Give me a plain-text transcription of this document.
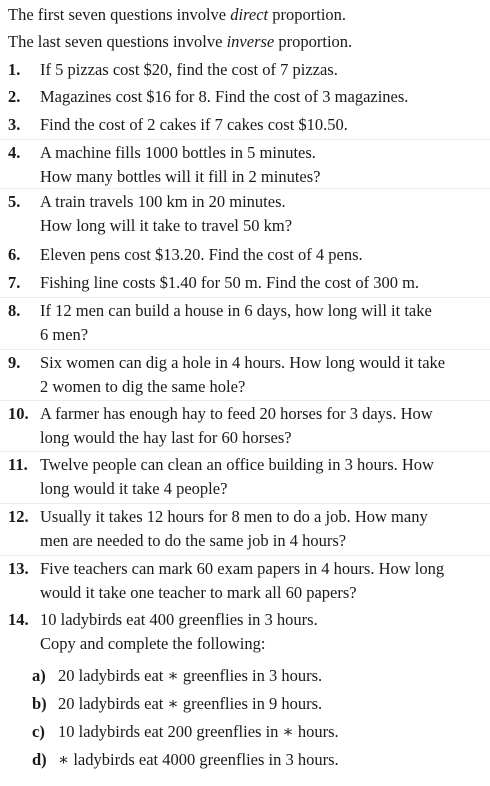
The first seven questions involve direct proportion.
The last seven questions involve inverse proportion.
1.	If 5 pizzas cost $20, find the cost of 7 pizzas.
2.	Magazines cost $16 for 8. Find the cost of 3 magazines.
3.	Find the cost of 2 cakes if 7 cakes cost $10.50.
4.	A machine fills 1000 bottles in 5 minutes.
How many bottles will it fill in 2 minutes?
5.	A train travels 100 km in 20 minutes.
How long will it take to travel 50 km?
6.	Eleven pens cost $13.20. Find the cost of 4 pens.
7.	Fishing line costs $1.40 for 50 m. Find the cost of 300 m.
8.	If 12 men can build a house in 6 days, how long will it take
6 men?
9.	Six women can dig a hole in 4 hours. How long would it take
2 women to dig the same hole?
10. A farmer has enough hay to feed 20 horses for 3 days. How
long would the hay last for 60 horses?
11. Twelve people can clean an office building in 3 hours. How
long would it take 4 people?
12. Usually it takes 12 hours for 8 men to do a job. How many
men are needed to do the same job in 4 hours?
13. Five teachers can mark 60 exam papers in 4 hours. How long
would it take one teacher to mark all 60 papers?
14. 10 ladybirds eat 400 greenflies in 3 hours.
Copy and complete the following:
a) 20 ladybirds eat ∗ greenflies in 3 hours.
b) 20 ladybirds eat ∗ greenflies in 9 hours.
c) 10 ladybirds eat 200 greenflies in ∗ hours.
d) ∗ ladybirds eat 4000 greenflies in 3 hours.
